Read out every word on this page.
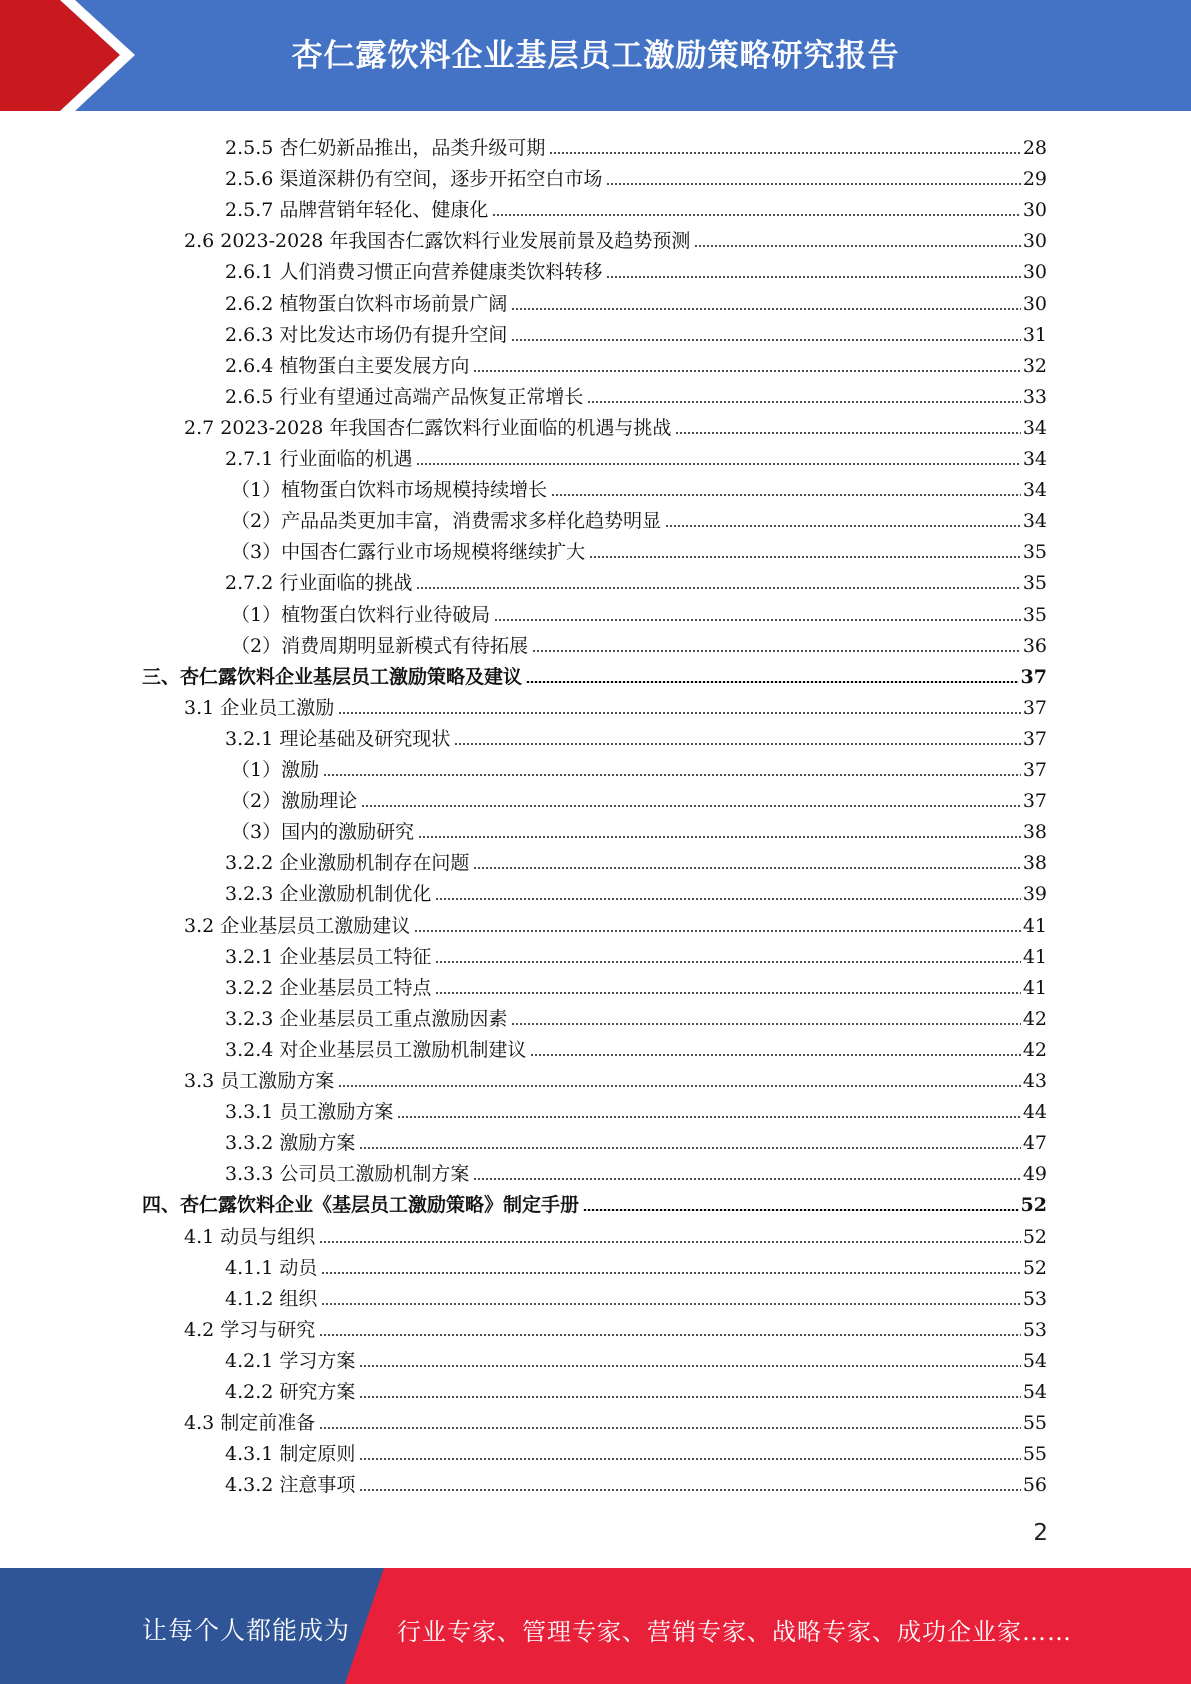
杏仁露饮料企业基层员工激励策略研究报告
2.5.5 杏仁奶新品推出，品类升级可期	28
2.5.6 渠道深耕仍有空间，逐步开拓空白市场	29
2.5.7 品牌营销年轻化、健康化	30
2.6 2023-2028 年我国杏仁露饮料行业发展前景及趋势预测	30
2.6.1 人们消费习惯正向营养健康类饮料转移	30
2.6.2 植物蛋白饮料市场前景广阔	30
2.6.3 对比发达市场仍有提升空间	31
2.6.4 植物蛋白主要发展方向	32
2.6.5 行业有望通过高端产品恢复正常增长	33
2.7 2023-2028 年我国杏仁露饮料行业面临的机遇与挑战	34
2.7.1 行业面临的机遇	34
（1）植物蛋白饮料市场规模持续增长	34
（2）产品品类更加丰富，消费需求多样化趋势明显	34
（3）中国杏仁露行业市场规模将继续扩大	35
2.7.2 行业面临的挑战	35
（1）植物蛋白饮料行业待破局	35
（2）消费周期明显新模式有待拓展	36
三、杏仁露饮料企业基层员工激励策略及建议	37
3.1 企业员工激励	37
3.2.1 理论基础及研究现状	37
（1）激励	37
（2）激励理论	37
（3）国内的激励研究	38
3.2.2 企业激励机制存在问题	38
3.2.3 企业激励机制优化	39
3.2 企业基层员工激励建议	41
3.2.1 企业基层员工特征	41
3.2.2 企业基层员工特点	41
3.2.3 企业基层员工重点激励因素	42
3.2.4 对企业基层员工激励机制建议	42
3.3 员工激励方案	43
3.3.1 员工激励方案	44
3.3.2 激励方案	47
3.3.3 公司员工激励机制方案	49
四、杏仁露饮料企业《基层员工激励策略》制定手册	52
4.1 动员与组织	52
4.1.1 动员	52
4.1.2 组织	53
4.2 学习与研究	53
4.2.1 学习方案	54
4.2.2 研究方案	54
4.3 制定前准备	55
4.3.1 制定原则	55
4.3.2 注意事项	56
2
让每个人都能成为 行业专家、管理专家、营销专家、战略专家、成功企业家……
